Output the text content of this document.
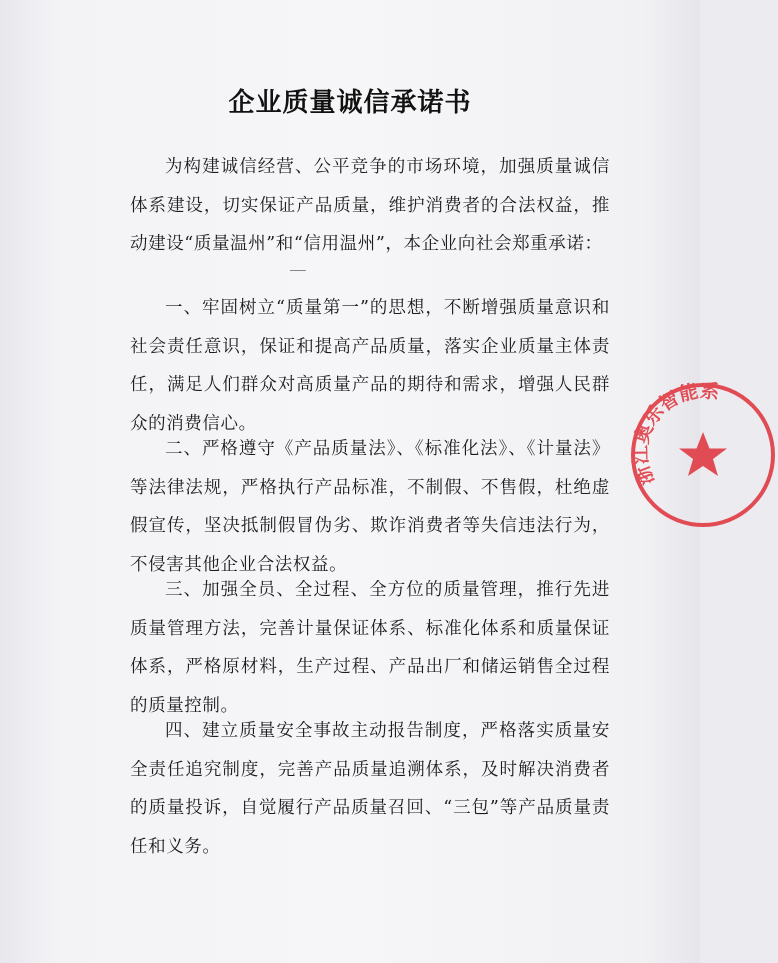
企业质量诚信承诺书

为构建诚信经营、公平竞争的市场环境，加强质量诚信体系建设，切实保证产品质量，维护消费者的合法权益，推动建设“质量温州”和“信用温州”，本企业向社会郑重承诺：

一、牢固树立“质量第一”的思想，不断增强质量意识和社会责任意识，保证和提高产品质量，落实企业质量主体责任，满足人们群众对高质量产品的期待和需求，增强人民群众的消费信心。

二、严格遵守《产品质量法》、《标准化法》、《计量法》等法律法规，严格执行产品标准，不制假、不售假，杜绝虚假宣传，坚决抵制假冒伪劣、欺诈消费者等失信违法行为，不侵害其他企业合法权益。

三、加强全员、全过程、全方位的质量管理，推行先进质量管理方法，完善计量保证体系、标准化体系和质量保证体系，严格原材料，生产过程、产品出厂和储运销售全过程的质量控制。

四、建立质量安全事故主动报告制度，严格落实质量安全责任追究制度，完善产品质量追溯体系，及时解决消费者的质量投诉，自觉履行产品质量召回、“三包”等产品质量责任和义务。

浙江奥乐智能系
